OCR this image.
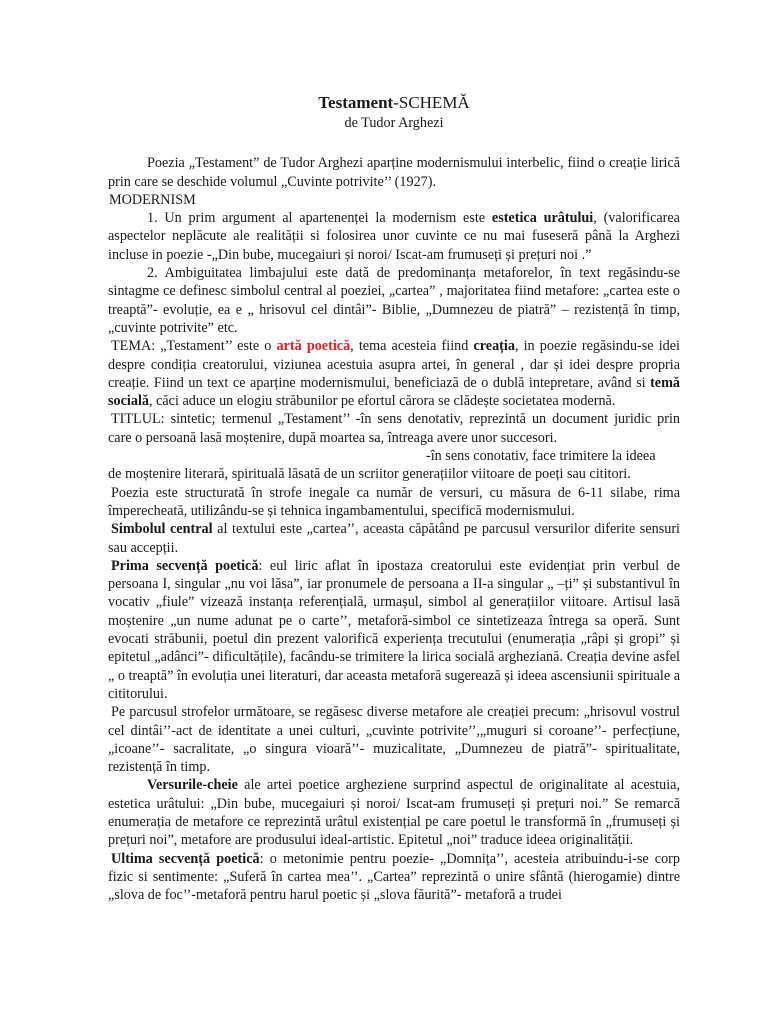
Testament-SCHEMĂ
de Tudor Arghezi

Poezia „Testament” de Tudor Arghezi aparține modernismului interbelic, fiind o creație lirică prin care se deschide volumul „Cuvinte potrivite’’ (1927).

MODERNISM

1. Un prim argument al apartenenței la modernism este estetica urâtului, (valorificarea aspectelor neplăcute ale realității si folosirea unor cuvinte ce nu mai fuseseră până la Arghezi incluse in poezie -„Din bube, mucegaiuri și noroi/ Iscat-am frumuseți și prețuri noi .”

2. Ambiguitatea limbajului este dată de predominanța metaforelor, în text regăsindu-se sintagme ce definesc simbolul central al poeziei, „cartea” , majoritatea fiind metafore: „cartea este o treaptă”- evoluție, ea e „ hrisovul cel dintâi”- Biblie, „Dumnezeu de piatră” – rezistență în timp, „cuvinte potrivite” etc.

TEMA: „Testament’’ este o artă poetică, tema acesteia fiind creația, in poezie regăsindu-se idei despre condiția creatorului, viziunea acestuia asupra artei, în general , dar și idei despre propria creație. Fiind un text ce aparține modernismului, beneficiază de o dublă intepretare, având si temă socială, căci aduce un elogiu străbunilor pe efortul cărora se clădește societatea modernă.

TITLUL: sintetic; termenul „Testament’’ -în sens denotativ, reprezintă un document juridic prin care o persoană lasă moștenire, după moartea sa, întreaga avere unor succesori.

-în sens conotativ, face trimitere la ideea

de moștenire literară, spirituală lăsată de un scriitor generațiilor viitoare de poeți sau cititori.

Poezia este structurată în strofe inegale ca număr de versuri, cu măsura de 6-11 silabe, rima împerecheată, utilizându-se și tehnica ingambamentului, specifică modernismului.

Simbolul central al textului este „cartea’’, aceasta căpătând pe parcusul versurilor diferite sensuri sau accepții.

Prima secvență poetică: eul liric aflat în ipostaza creatorului este evidențiat prin verbul de persoana I, singular „nu voi lăsa”, iar pronumele de persoana a II-a singular „ –ți” și substantivul în vocativ „fiule” vizează instanța referențială, urmașul, simbol al generațiilor viitoare. Artisul lasă moștenire „un nume adunat pe o carte’’, metaforă-simbol ce sintetizeaza întrega sa operă. Sunt evocati străbunii, poetul din prezent valorifică experiența trecutului (enumerația „râpi și gropi” și epitetul „adânci”- dificultățile), facându-se trimitere la lirica socială argheziană. Creația devine asfel „ o treaptă” în evoluția unei literaturi, dar aceasta metaforă sugerează și ideea ascensiunii spirituale a cititorului.

Pe parcusul strofelor următoare, se regăsesc diverse metafore ale creației precum: „hrisovul vostrul cel dintâi’’-act de identitate a unei culturi, „cuvinte potrivite’’,„muguri si coroane’’- perfecțiune, „icoane’’- sacralitate, „o singura vioară’’- muzicalitate, „Dumnezeu de piatră”- spiritualitate, rezistență în timp.

Versurile-cheie ale artei poetice argheziene surprind aspectul de originalitate al acestuia, estetica urâtului: „Din bube, mucegaiuri și noroi/ Iscat-am frumuseți și prețuri noi.” Se remarcă enumerația de metafore ce reprezintă urâtul existențial pe care poetul le transformă în „frumuseți și prețuri noi”, metafore are produsului ideal-artistic. Epitetul „noi” traduce ideea originalității.

Ultima secvență poetică: o metonimie pentru poezie- „Domnița’’, acesteia atribuindu-i-se corp fizic si sentimente: „Suferă în cartea mea’’. „Cartea” reprezintă o unire sfântă (hierogamie) dintre „slova de foc’’-metaforă pentru harul poetic și „slova făurită”- metaforă a trudei
